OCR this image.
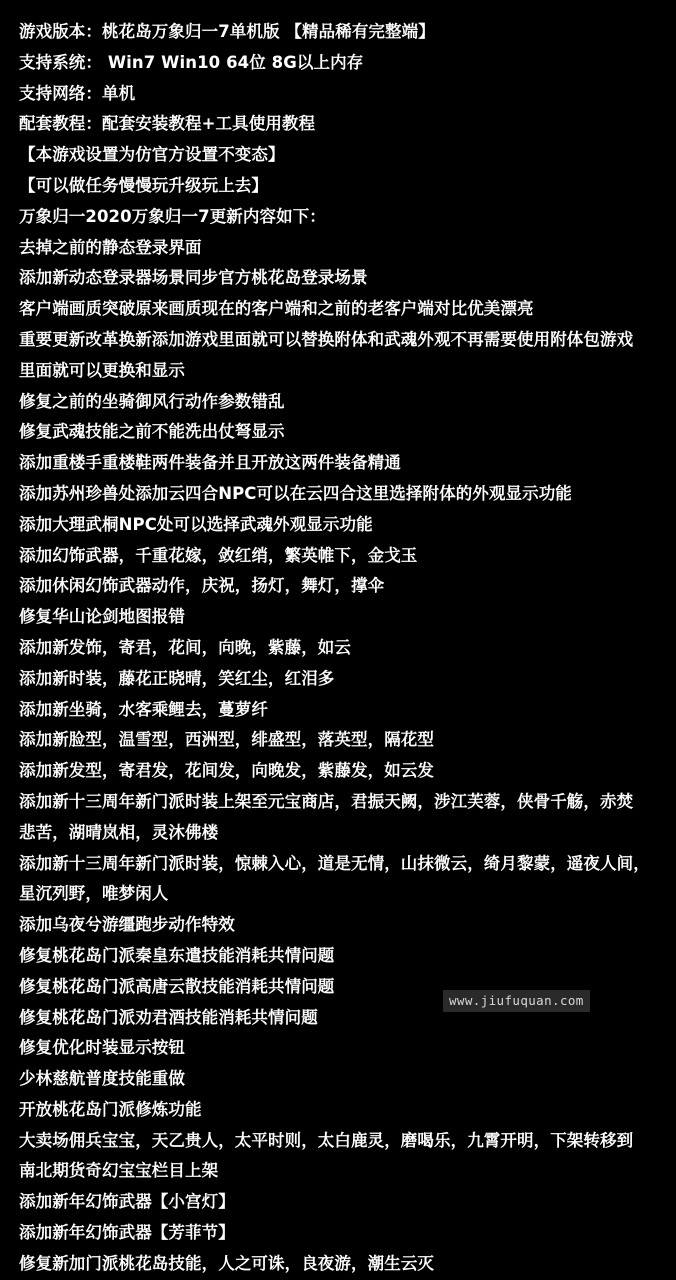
游戏版本：桃花岛万象归一7单机版 【精品稀有完整端】
支持系统： Win7 Win10 64位 8G以上内存
支持网络：单机
配套教程：配套安装教程+工具使用教程
【本游戏设置为仿官方设置不变态】
【可以做任务慢慢玩升级玩上去】
万象归一2020万象归一7更新内容如下：
去掉之前的静态登录界面
添加新动态登录器场景同步官方桃花岛登录场景
客户端画质突破原来画质现在的客户端和之前的老客户端对比优美漂亮
重要更新改革换新添加游戏里面就可以替换附体和武魂外观不再需要使用附体包游戏
里面就可以更换和显示
修复之前的坐骑御风行动作参数错乱
修复武魂技能之前不能洗出仗弩显示
添加重楼手重楼鞋两件装备并且开放这两件装备精通
添加苏州珍兽处添加云四合NPC可以在云四合这里选择附体的外观显示功能
添加大理武桐NPC处可以选择武魂外观显示功能
添加幻饰武器，千重花嫁，敛红绡，繁英帷下，金戈玉
添加休闲幻饰武器动作，庆祝，扬灯，舞灯，撑伞
修复华山论剑地图报错
添加新发饰，寄君，花间，向晚，紫藤，如云
添加新时装，藤花正晓晴，笑红尘，红泪多
添加新坐骑，水客乘鲤去，蔓萝纤
添加新脸型，温雪型，西洲型，绯盛型，落英型，隔花型
添加新发型，寄君发，花间发，向晚发，紫藤发，如云发
添加新十三周年新门派时装上架至元宝商店，君振天阙，涉江芙蓉，侠骨千觞，赤焚
悲苦，湖晴岚相，灵沐佛楼
添加新十三周年新门派时装，惊棘入心，道是无情，山抹微云，绮月黎蒙，遥夜人间，
星沉列野，唯梦闲人
添加乌夜兮游缰跑步动作特效
修复桃花岛门派秦皇东遣技能消耗共情问题
修复桃花岛门派高唐云散技能消耗共情问题
修复桃花岛门派劝君酒技能消耗共情问题
修复优化时装显示按钮
少林慈航普度技能重做
开放桃花岛门派修炼功能
大卖场佣兵宝宝，天乙贵人，太平时则，太白鹿灵，磨喝乐，九霄开明，下架转移到
南北期货奇幻宝宝栏目上架
添加新年幻饰武器【小宫灯】
添加新年幻饰武器【芳菲节】
修复新加门派桃花岛技能，人之可诛，良夜游，潮生云灭
www.jiufuquan.com
